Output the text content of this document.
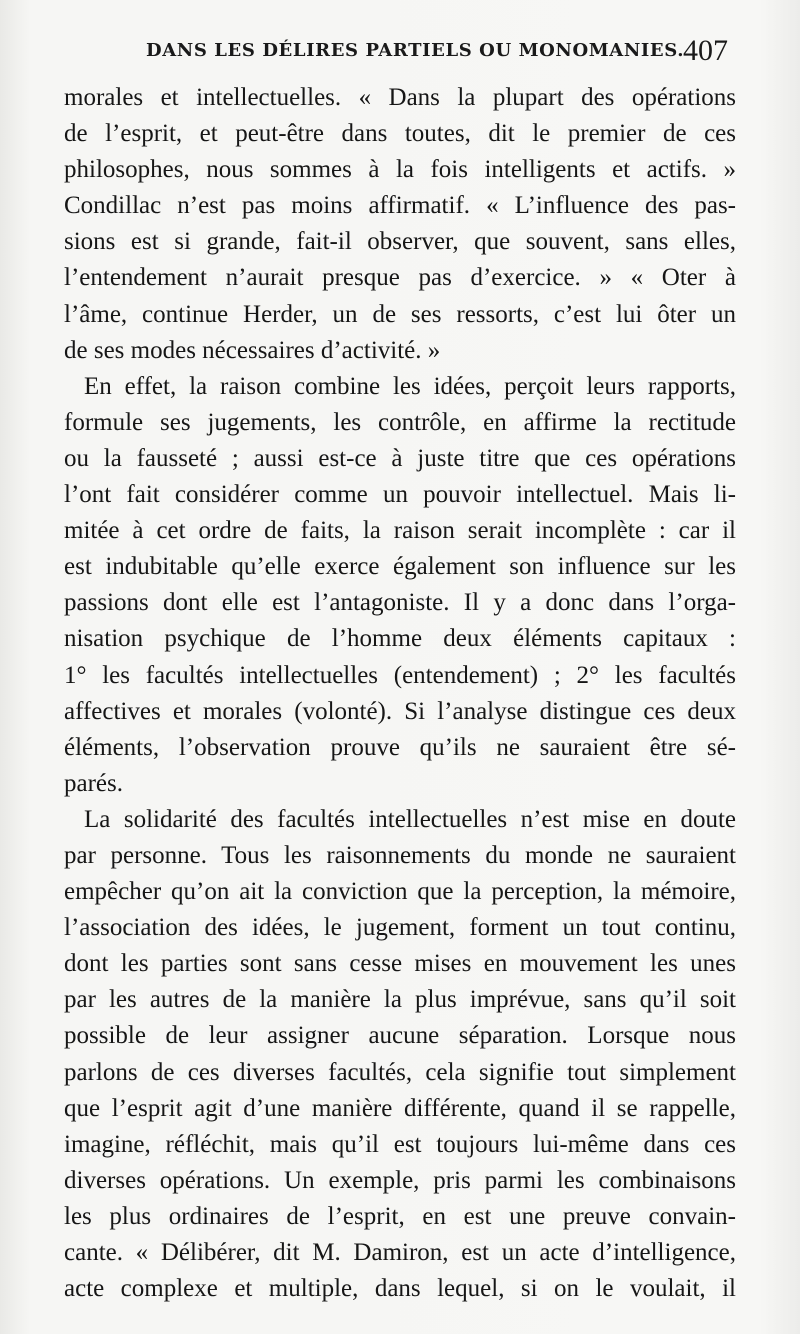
DANS LES DÉLIRES PARTIELS OU MONOMANIES.
407
morales et intellectuelles. « Dans la plupart des opérations
de l’esprit, et peut-être dans toutes, dit le premier de ces
philosophes, nous sommes à la fois intelligents et actifs. »
Condillac n’est pas moins affirmatif. « L’influence des pas-
sions est si grande, fait-il observer, que souvent, sans elles,
l’entendement n’aurait presque pas d’exercice. » « Oter à
l’âme, continue Herder, un de ses ressorts, c’est lui ôter un
de ses modes nécessaires d’activité. »
En effet, la raison combine les idées, perçoit leurs rapports,
formule ses jugements, les contrôle, en affirme la rectitude
ou la fausseté ; aussi est-ce à juste titre que ces opérations
l’ont fait considérer comme un pouvoir intellectuel. Mais li-
mitée à cet ordre de faits, la raison serait incomplète : car il
est indubitable qu’elle exerce également son influence sur les
passions dont elle est l’antagoniste. Il y a donc dans l’orga-
nisation psychique de l’homme deux éléments capitaux :
1° les facultés intellectuelles (entendement) ; 2° les facultés
affectives et morales (volonté). Si l’analyse distingue ces deux
éléments, l’observation prouve qu’ils ne sauraient être sé-
parés.
La solidarité des facultés intellectuelles n’est mise en doute
par personne. Tous les raisonnements du monde ne sauraient
empêcher qu’on ait la conviction que la perception, la mémoire,
l’association des idées, le jugement, forment un tout continu,
dont les parties sont sans cesse mises en mouvement les unes
par les autres de la manière la plus imprévue, sans qu’il soit
possible de leur assigner aucune séparation. Lorsque nous
parlons de ces diverses facultés, cela signifie tout simplement
que l’esprit agit d’une manière différente, quand il se rappelle,
imagine, réfléchit, mais qu’il est toujours lui-même dans ces
diverses opérations. Un exemple, pris parmi les combinaisons
les plus ordinaires de l’esprit, en est une preuve convain-
cante. « Délibérer, dit M. Damiron, est un acte d’intelligence,
acte complexe et multiple, dans lequel, si on le voulait, il
